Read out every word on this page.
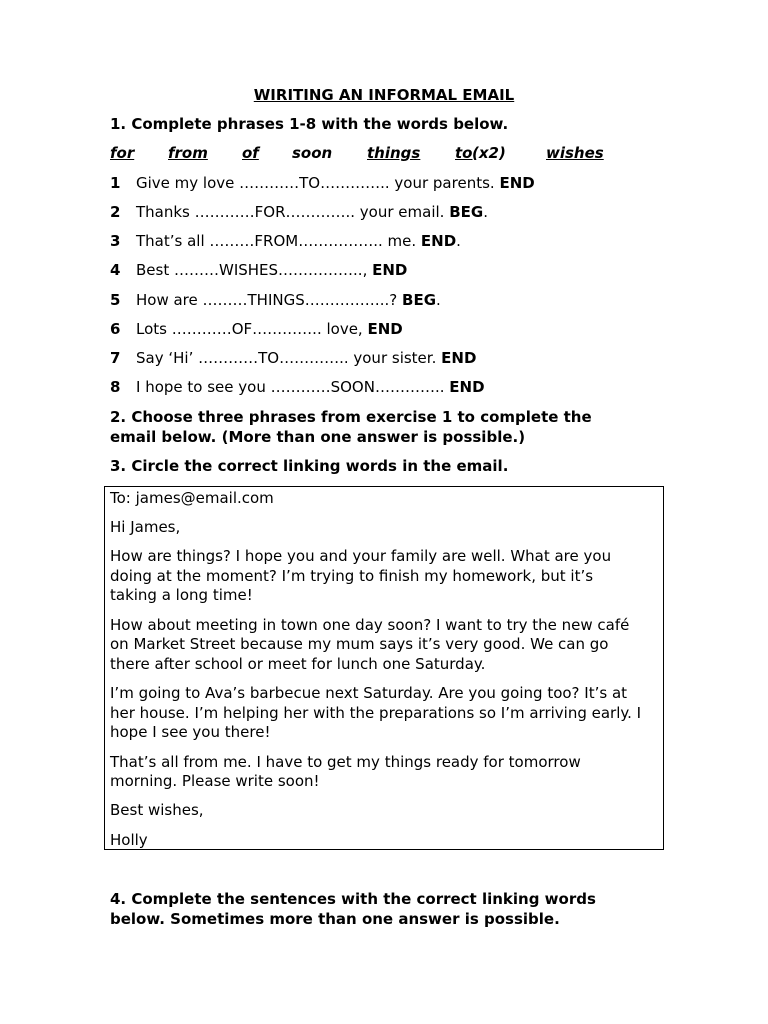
WIRITING AN INFORMAL EMAIL
1. Complete phrases 1-8 with the words below.
for from of soon things to (x2)	wishes
1 Give my love …………TO………….. your parents. END
2 Thanks …………FOR………….. your email. BEG.
3 That’s all ………FROM…………….. me. END.
4 Best ………WISHES…………….., END
5 How are ………THINGS……………..? BEG.
6 Lots …………OF………….. love, END
7 Say ‘Hi’ …………TO………….. your sister. END
8 I hope to see you …………SOON………….. END
2. Choose three phrases from exercise 1 to complete the
email below. (More than one answer is possible.)
3. Circle the correct linking words in the email.
To: james@email.com
Hi James,
How are things? I hope you and your family are well. What are you
doing at the moment? I’m trying to finish my homework, but it’s
taking a long time!
How about meeting in town one day soon? I want to try the new café
on Market Street because my mum says it’s very good. We can go
there after school or meet for lunch one Saturday.
I’m going to Ava’s barbecue next Saturday. Are you going too? It’s at
her house. I’m helping her with the preparations so I’m arriving early. I
hope I see you there!
That’s all from me. I have to get my things ready for tomorrow
morning. Please write soon!
Best wishes,
Holly
4. Complete the sentences with the correct linking words
below. Sometimes more than one answer is possible.
